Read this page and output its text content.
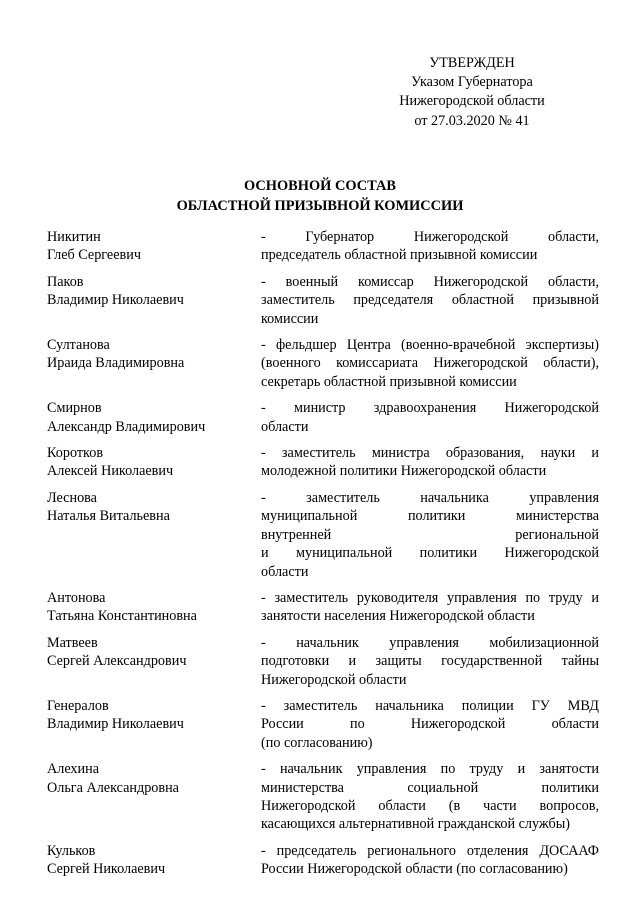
УТВЕРЖДЕН
Указом Губернатора
Нижегородской области
от 27.03.2020 № 41
ОСНОВНОЙ СОСТАВ
ОБЛАСТНОЙ ПРИЗЫВНОЙ КОМИССИИ
Никитин
Глеб Сергеевич
- Губернатор Нижегородской области,
председатель областной призывной комиссии
Паков
Владимир Николаевич
- военный комиссар Нижегородской области,
заместитель председателя областной призывной
комиссии
Султанова
Ираида Владимировна
- фельдшер Центра (военно-врачебной экспертизы)
(военного комиссариата Нижегородской области),
секретарь областной призывной комиссии
Смирнов
Александр Владимирович
- министр здравоохранения Нижегородской
области
Коротков
Алексей Николаевич
- заместитель министра образования, науки и
молодежной политики Нижегородской области
Леснова
Наталья Витальевна
- заместитель начальника управления
муниципальной политики министерства
внутренней региональной
и муниципальной политики Нижегородской
области
Антонова
Татьяна Константиновна
- заместитель руководителя управления по труду и
занятости населения Нижегородской области
Матвеев
Сергей Александрович
- начальник управления мобилизационной
подготовки и защиты государственной тайны
Нижегородской области
Генералов
Владимир Николаевич
- заместитель начальника полиции ГУ МВД
России по Нижегородской области
(по согласованию)
Алехина
Ольга Александровна
- начальник управления по труду и занятости
министерства социальной политики
Нижегородской области (в части вопросов,
касающихся альтернативной гражданской службы)
Кульков
Сергей Николаевич
- председатель регионального отделения ДОСААФ
России Нижегородской области (по согласованию)
